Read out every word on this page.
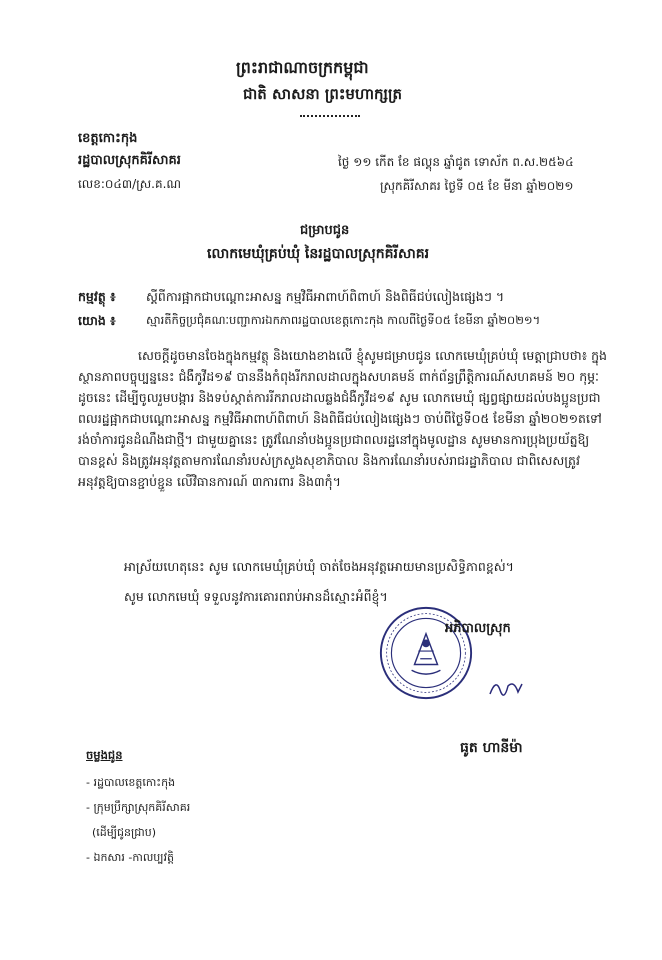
ព្រះរាជាណាចក្រកម្ពុជា
ជាតិ សាសនា ព្រះមហាក្សត្រ
ខេត្តកោះកុង
រដ្ឋបាលស្រុកគិរីសាគរ
លេខ:០៤៣/ស្រ.គ.ណ
ថ្ងៃ ១១ កើត ខែ ផល្គុន ឆ្នាំជូត ទោស័ក ព.ស.២៥៦៤
ស្រុកគិរីសាគរ ថ្ងៃទី ០៥ ខែ មីនា ឆ្នាំ២០២១
ជម្រាបជូន
លោកមេឃុំគ្រប់ឃុំ នៃរដ្ឋបាលស្រុកគិរីសាគរ
កម្មវត្ថុ ៖ ស្តីពីការផ្អាកជាបណ្តោះអាសន្ន កម្មវិធីអាពាហ៍ពិពាហ៍ និងពិធីជប់លៀងផ្សេងៗ ។
យោង ៖	ស្មារតីកិច្ចប្រជុំគណៈបញ្ជាការឯកភាពរដ្ឋបាលខេត្តកោះកុង កាលពីថ្ងៃទី០៥ ខែមីនា ឆ្នាំ២០២១។
សេចក្តីដូចមានចែងក្នុងកម្មវត្ថុ និងយោងខាងលើ ខ្ញុំសូមជម្រាបជូន លោកមេឃុំគ្រប់ឃុំ មេត្តាជ្រាបថា៖ ក្នុងស្ថានភាពបច្ចុប្បន្ននេះ ជំងឺកូវីដ១៩ បាននឹងកំពុងរីករាលដាលក្នុងសហគមន៍ ពាក់ព័ន្ធព្រឹត្តិការណ៍សហគមន៍ ២០ កុម្ភៈ ដូចនេះ ដើម្បីចូលរួមបង្ការ និងទប់ស្កាត់ការរីករាលដាលឆ្លងជំងឺកូវីដ១៩ សូម លោកមេឃុំ ផ្សព្វផ្សាយដល់បងប្អូនប្រជាពលរដ្ឋផ្អាកជាបណ្តោះអាសន្ន កម្មវិធីអាពាហ៍ពិពាហ៍ និងពិធីជប់លៀងផ្សេងៗ ចាប់ពីថ្ងៃទី០៥ ខែមីនា ឆ្នាំ២០២១តទៅ រង់ចាំការជូនដំណឹងជាថ្មី។ ជាមួយគ្នានេះ ត្រូវណែនាំបងប្អូនប្រជាពលរដ្ឋនៅក្នុងមូលដ្ឋាន សូមមានការប្រុងប្រយ័ត្នឱ្យបានខ្ពស់ និងត្រូវអនុវត្តតាមការណែនាំរបស់ក្រសួងសុខាភិបាល និងការណែនាំរបស់រាជរដ្ឋាភិបាល ជាពិសេសត្រូវអនុវត្តឱ្យបានខ្ជាប់ខ្ជួន លើវិធានការណ៍ ៣ការពារ និង៣កុំ។
អាស្រ័យហេតុនេះ សូម លោកមេឃុំគ្រប់ឃុំ ចាត់ចែងអនុវត្តអោយមានប្រសិទ្ធិភាពខ្ពស់។
សូម លោកមេឃុំ ទទួលនូវការគោរពរាប់អានដ៏ស្មោះអំពីខ្ញុំ។
អភិបាលស្រុក
ធូត ហានីម៉ា
ចម្លងជូន
- រដ្ឋបាលខេត្តកោះកុង
- ក្រុមប្រឹក្សាស្រុកគិរីសាគរ
(ដើម្បីជូនជ្រាប)
- ឯកសារ -កាលប្បវត្តិ
